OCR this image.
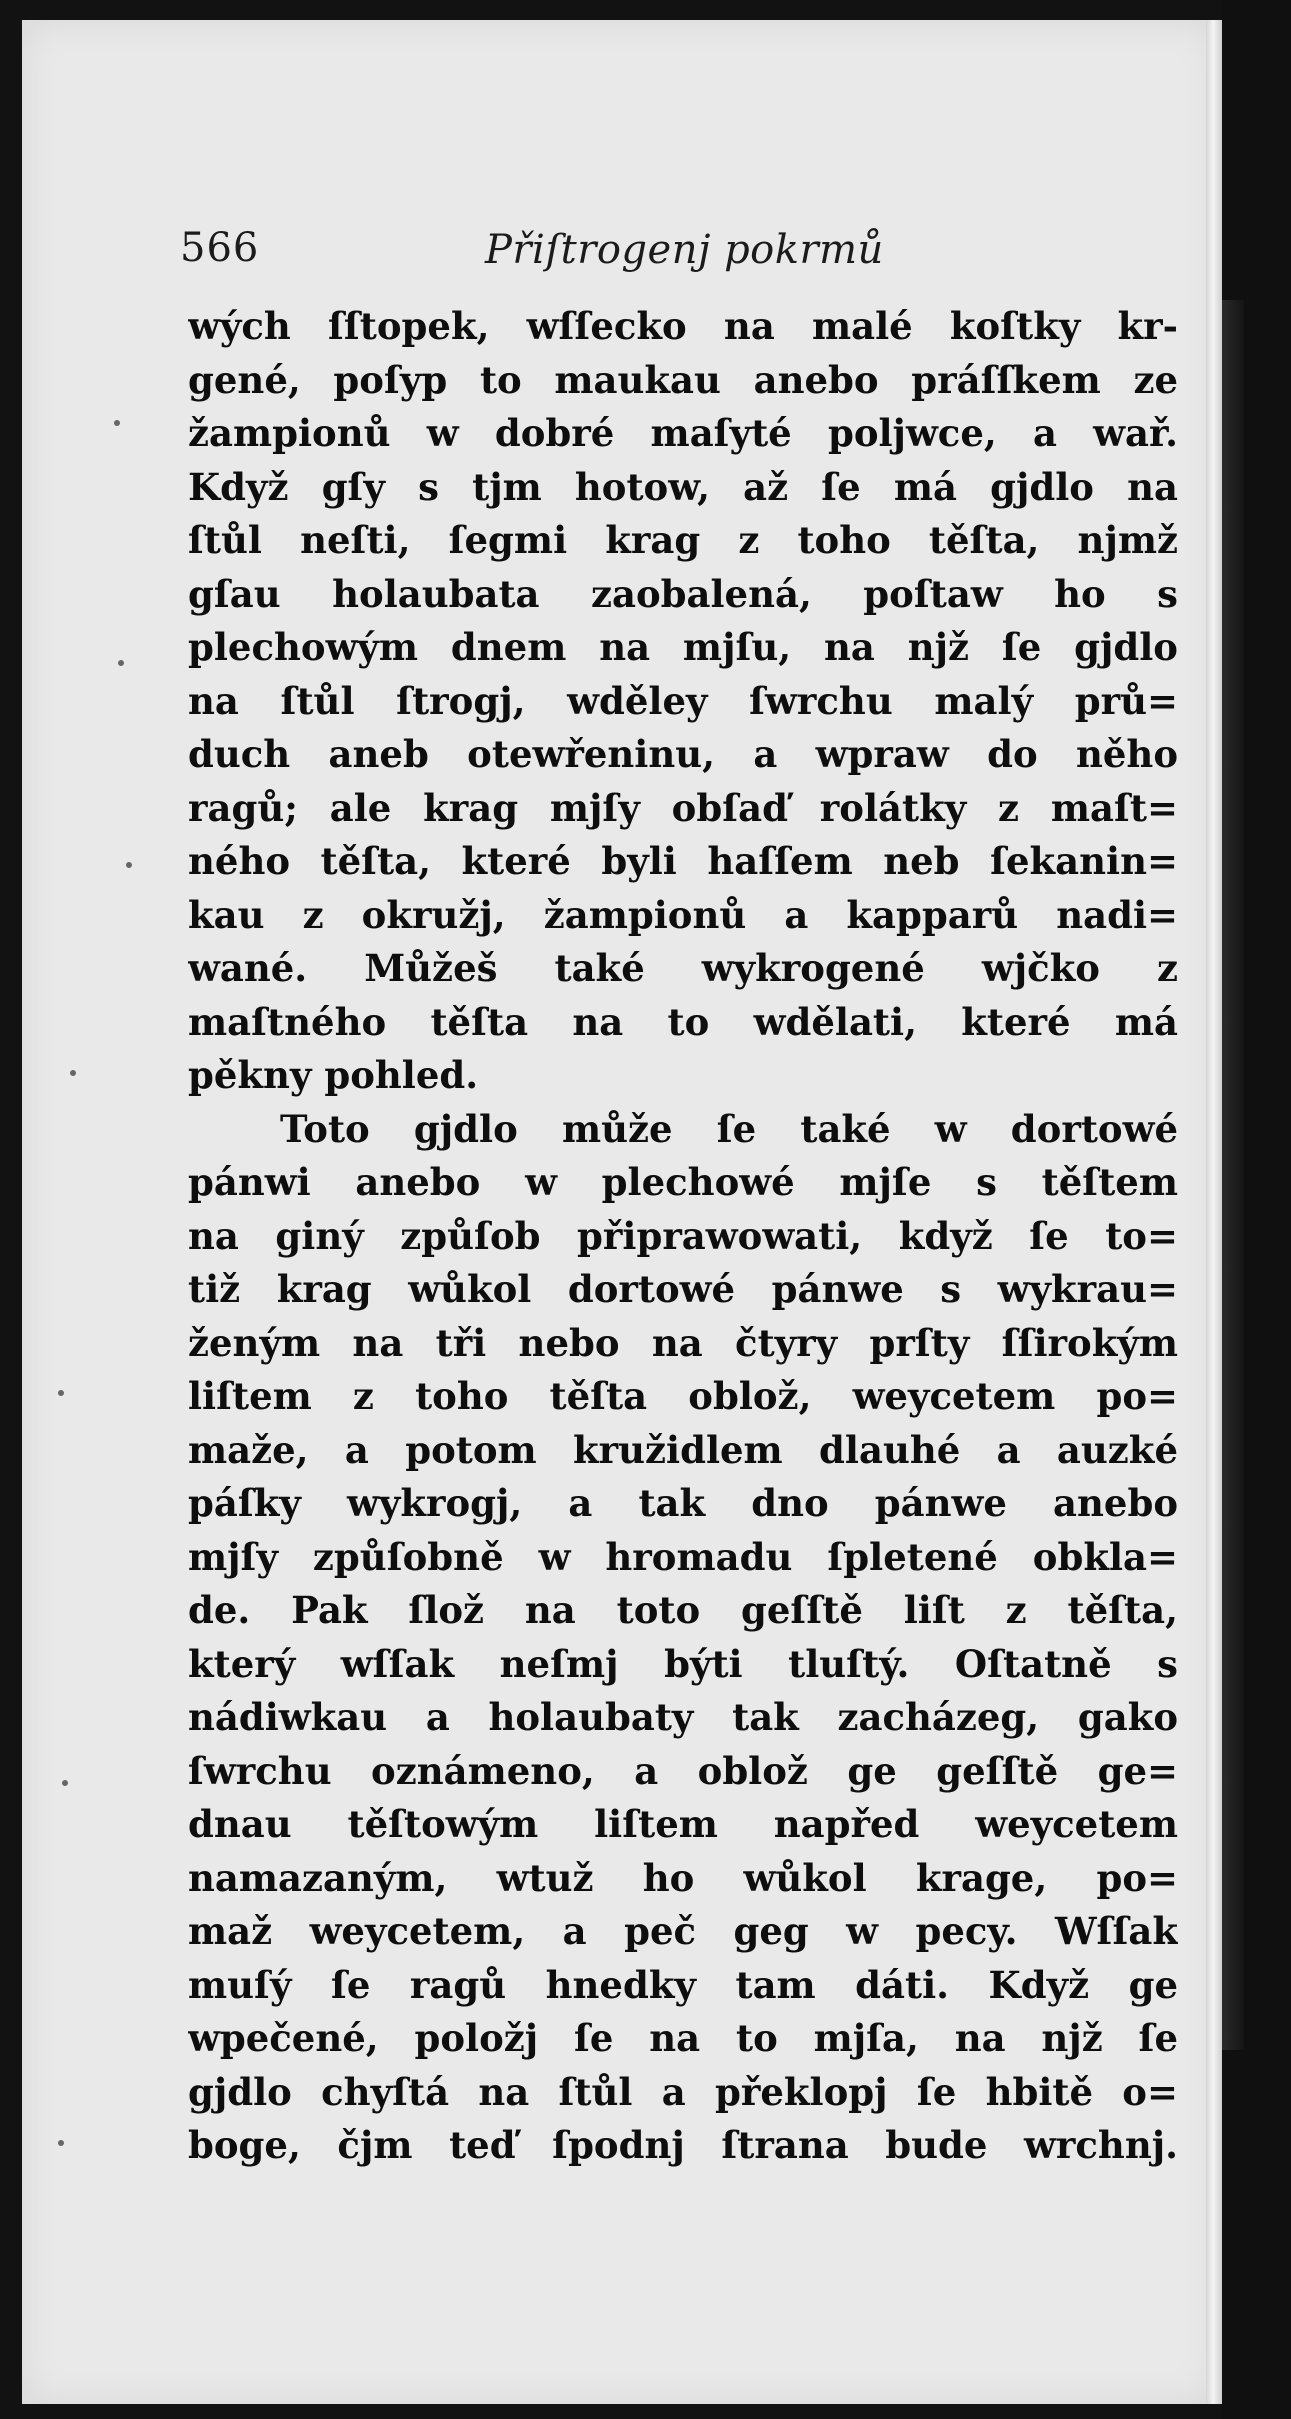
566	Přiſtrogenj pokrmů
wých ſſtopek, wſſecko na malé koſtky kr-
gené, poſyp to maukau anebo práſſkem ze
žampionů w dobré maſyté poljwce, a wař.
Když gſy s tjm hotow, až ſe má gjdlo na
ſtůl neſti, ſegmi krag z toho těſta, njmž
gſau holaubata zaobalená, poſtaw ho s
plechowým dnem na mjſu, na njž ſe gjdlo
na ſtůl ſtrogj, wděley ſwrchu malý prů=
duch aneb otewřeninu, a wpraw do něho
ragů; ale krag mjſy obſaď rolátky z maſt=
ného těſta, které byli haſſem neb ſekanin=
kau z okružj, žampionů a kapparů nadi=
wané. Můžeš také wykrogené wjčko z
maſtného těſta na to wdělati, které má
pěkny pohled.
Toto gjdlo může ſe také w dortowé
pánwi anebo w plechowé mjſe s těſtem
na giný způſob připrawowati, když ſe to=
tiž krag wůkol dortowé pánwe s wykrau=
ženým na tři nebo na čtyry prſty ſſirokým
liſtem z toho těſta oblož, weycetem po=
maže, a potom kružidlem dlauhé a auzké
páſky wykrogj, a tak dno pánwe anebo
mjſy způſobně w hromadu ſpletené obkla=
de. Pak ſlož na toto geſſtě liſt z těſta,
který wſſak neſmj býti tluſtý. Oſtatně s
nádiwkau a holaubaty tak zacházeg, gako
ſwrchu oznámeno, a oblož ge geſſtě ge=
dnau těſtowým liſtem napřed weycetem
namazaným, wtuž ho wůkol krage, po=
maž weycetem, a peč geg w pecy. Wſſak
muſý ſe ragů hnedky tam dáti. Když ge
wpečené, položj ſe na to mjſa, na njž ſe
gjdlo chyſtá na ſtůl a překlopj ſe hbitě o=
boge, čjm teď ſpodnj ſtrana bude wrchnj.
